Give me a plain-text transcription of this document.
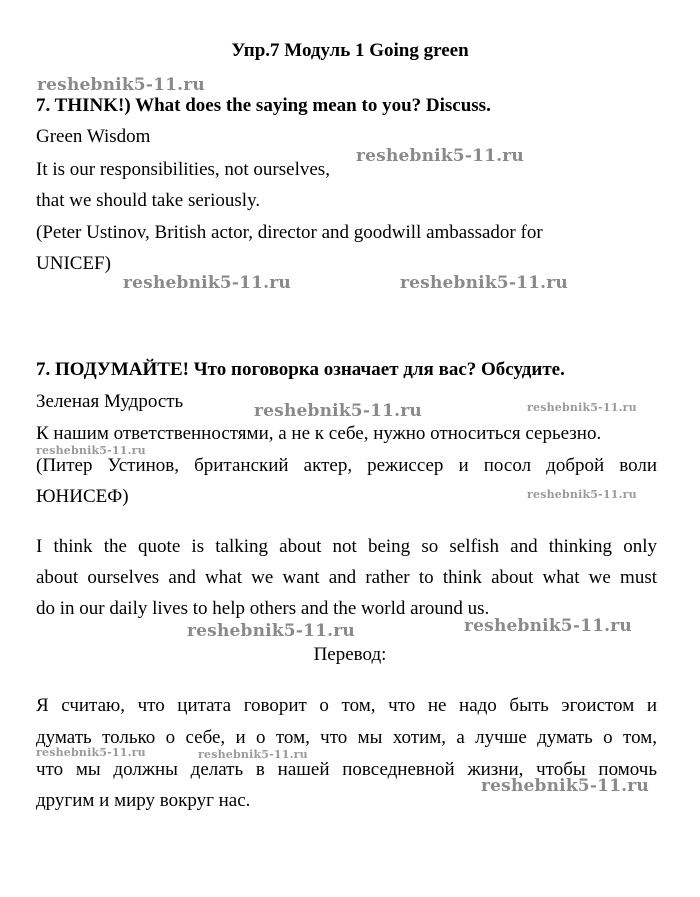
Упр.7 Модуль 1 Going green
7. THINK!) What does the saying mean to you? Discuss.
Green Wisdom
It is our responsibilities, not ourselves,
that we should take seriously.
(Peter Ustinov, British actor, director and goodwill ambassador for
UNICEF)
7. ПОДУМАЙТЕ! Что поговорка означает для вас? Обсудите.
Зеленая Мудрость
К нашим ответственностями, а не к себе, нужно относиться серьезно.
(Питер Устинов, британский актер, режиссер и посол доброй воли
ЮНИСЕФ)
I think the quote is talking about not being so selfish and thinking only
about ourselves and what we want and rather to think about what we must
do in our daily lives to help others and the world around us.
Перевод:
Я считаю, что цитата говорит о том, что не надо быть эгоистом и
думать только о себе, и о том, что мы хотим, а лучше думать о том,
что мы должны делать в нашей повседневной жизни, чтобы помочь
другим и миру вокруг нас.
reshebnik5-11.ru
reshebnik5-11.ru
reshebnik5-11.ru	reshebnik5-11.ru
reshebnik5-11.ru	reshebnik5-11.ru
reshebnik5-11.ru
reshebnik5-11.ru
reshebnik5-11.ru	reshebnik5-11.ru
reshebnik5-11.ru	reshebnik5-11.ru
reshebnik5-11.ru
